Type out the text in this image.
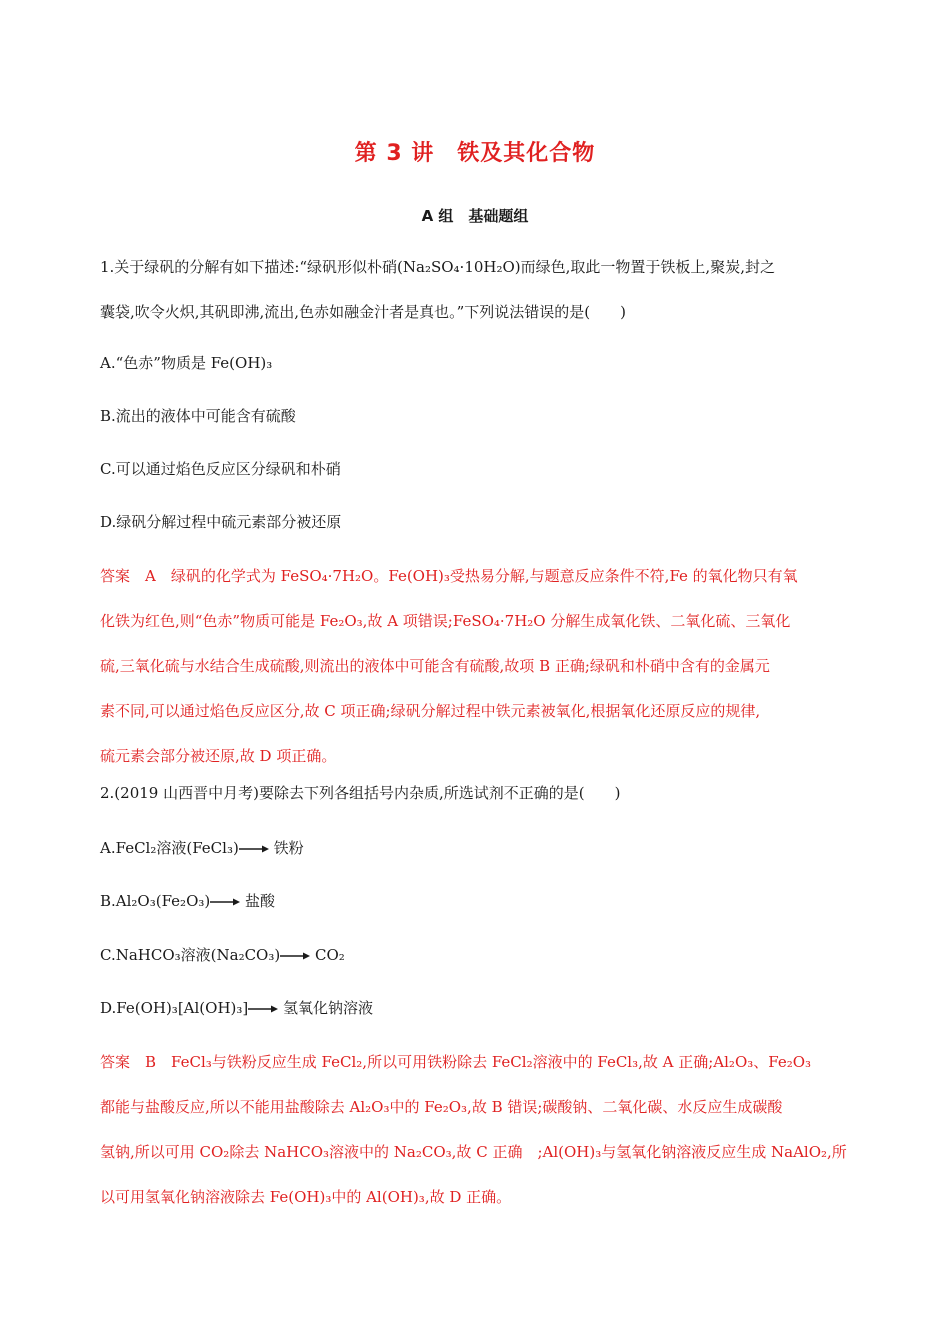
第 3 讲　铁及其化合物
A 组　基础题组
1.关于绿矾的分解有如下描述:“绿矾形似朴硝(Na₂SO₄·10H₂O)而绿色,取此一物置于铁板上,聚炭,封之
囊袋,吹令火炽,其矾即沸,流出,色赤如融金汁者是真也。”下列说法错误的是(　　)
A.“色赤”物质是 Fe(OH)₃
B.流出的液体中可能含有硫酸
C.可以通过焰色反应区分绿矾和朴硝
D.绿矾分解过程中硫元素部分被还原
答案　A　绿矾的化学式为 FeSO₄·7H₂O。Fe(OH)₃受热易分解,与题意反应条件不符,Fe 的氧化物只有氧
化铁为红色,则“色赤”物质可能是 Fe₂O₃,故 A 项错误;FeSO₄·7H₂O 分解生成氧化铁、二氧化硫、三氧化
硫,三氧化硫与水结合生成硫酸,则流出的液体中可能含有硫酸,故项 B 正确;绿矾和朴硝中含有的金属元
素不同,可以通过焰色反应区分,故 C 项正确;绿矾分解过程中铁元素被氧化,根据氧化还原反应的规律,
硫元素会部分被还原,故 D 项正确。
2.(2019 山西晋中月考)要除去下列各组括号内杂质,所选试剂不正确的是(　　)
A.FeCl₂溶液(FeCl₃) 铁粉
B.Al₂O₃(Fe₂O₃) 盐酸
C.NaHCO₃溶液(Na₂CO₃) CO₂
D.Fe(OH)₃[Al(OH)₃] 氢氧化钠溶液
答案　B　FeCl₃与铁粉反应生成 FeCl₂,所以可用铁粉除去 FeCl₂溶液中的 FeCl₃,故 A 正确;Al₂O₃、Fe₂O₃
都能与盐酸反应,所以不能用盐酸除去 Al₂O₃中的 Fe₂O₃,故 B 错误;碳酸钠、二氧化碳、水反应生成碳酸
氢钠,所以可用 CO₂除去 NaHCO₃溶液中的 Na₂CO₃,故 C 正确　;Al(OH)₃与氢氧化钠溶液反应生成 NaAlO₂,所
以可用氢氧化钠溶液除去 Fe(OH)₃中的 Al(OH)₃,故 D 正确。
